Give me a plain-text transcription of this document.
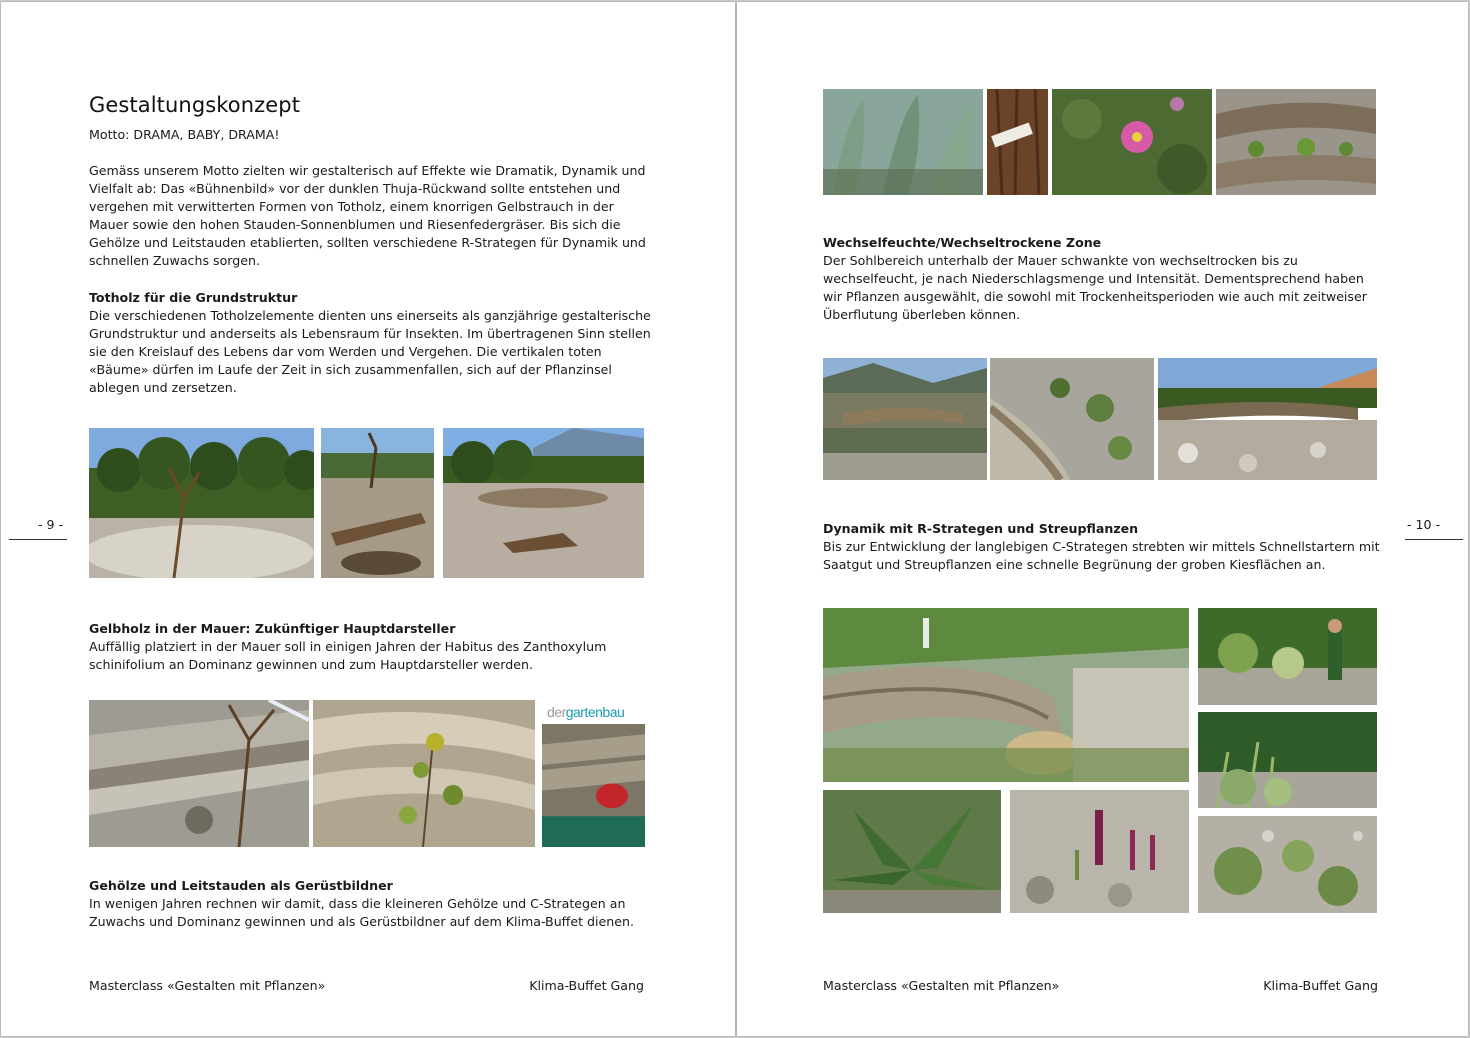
Gestaltungskonzept
Motto: DRAMA, BABY, DRAMA!

Gemäss unserem Motto zielten wir gestalterisch auf Effekte wie Dramatik, Dynamik und Vielfalt ab: Das «Bühnenbild» vor der dunklen Thuja-Rückwand sollte entstehen und vergehen mit verwitterten Formen von Totholz, einem knorrigen Gelbstrauch in der Mauer sowie den hohen Stauden-Sonnenblumen und Riesenfedergräser. Bis sich die Gehölze und Leitstauden etablierten, sollten verschiedene R-Strategen für Dynamik und schnellen Zuwachs sorgen.

Totholz für die Grundstruktur

Die verschiedenen Totholzelemente dienten uns einerseits als ganzjährige gestalterische Grundstruktur und anderseits als Lebensraum für Insekten. Im übertragenen Sinn stellen sie den Kreislauf des Lebens dar vom Werden und Vergehen. Die vertikalen toten «Bäume» dürfen im Laufe der Zeit in sich zusammenfallen, sich auf der Pflanzinsel ablegen und zersetzen.

Gelbholz in der Mauer: Zukünftiger Hauptdarsteller

Auffällig platziert in der Mauer soll in einigen Jahren der Habitus des Zanthoxylum schinifolium an Dominanz gewinnen und zum Hauptdarsteller werden.

dergartenbau

Gehölze und Leitstauden als Gerüstbildner

In wenigen Jahren rechnen wir damit, dass die kleineren Gehölze und C-Strategen an Zuwachs und Dominanz gewinnen und als Gerüstbildner auf dem Klima-Buffet dienen.

- 9 -
Masterclass «Gestalten mit Pflanzen»	Klima-Buffet Gang

Wechselfeuchte/Wechseltrockene Zone

Der Sohlbereich unterhalb der Mauer schwankte von wechseltrocken bis zu wechselfeucht, je nach Niederschlagsmenge und Intensität. Dementsprechend haben wir Pflanzen ausgewählt, die sowohl mit Trockenheitsperioden wie auch mit zeitweiser Überflutung überleben können.

Dynamik mit R-Strategen und Streupflanzen

Bis zur Entwicklung der langlebigen C-Strategen strebten wir mittels Schnellstartern mit Saatgut und Streupflanzen eine schnelle Begrünung der groben Kiesflächen an.

- 10 -
Masterclass «Gestalten mit Pflanzen»	Klima-Buffet Gang
